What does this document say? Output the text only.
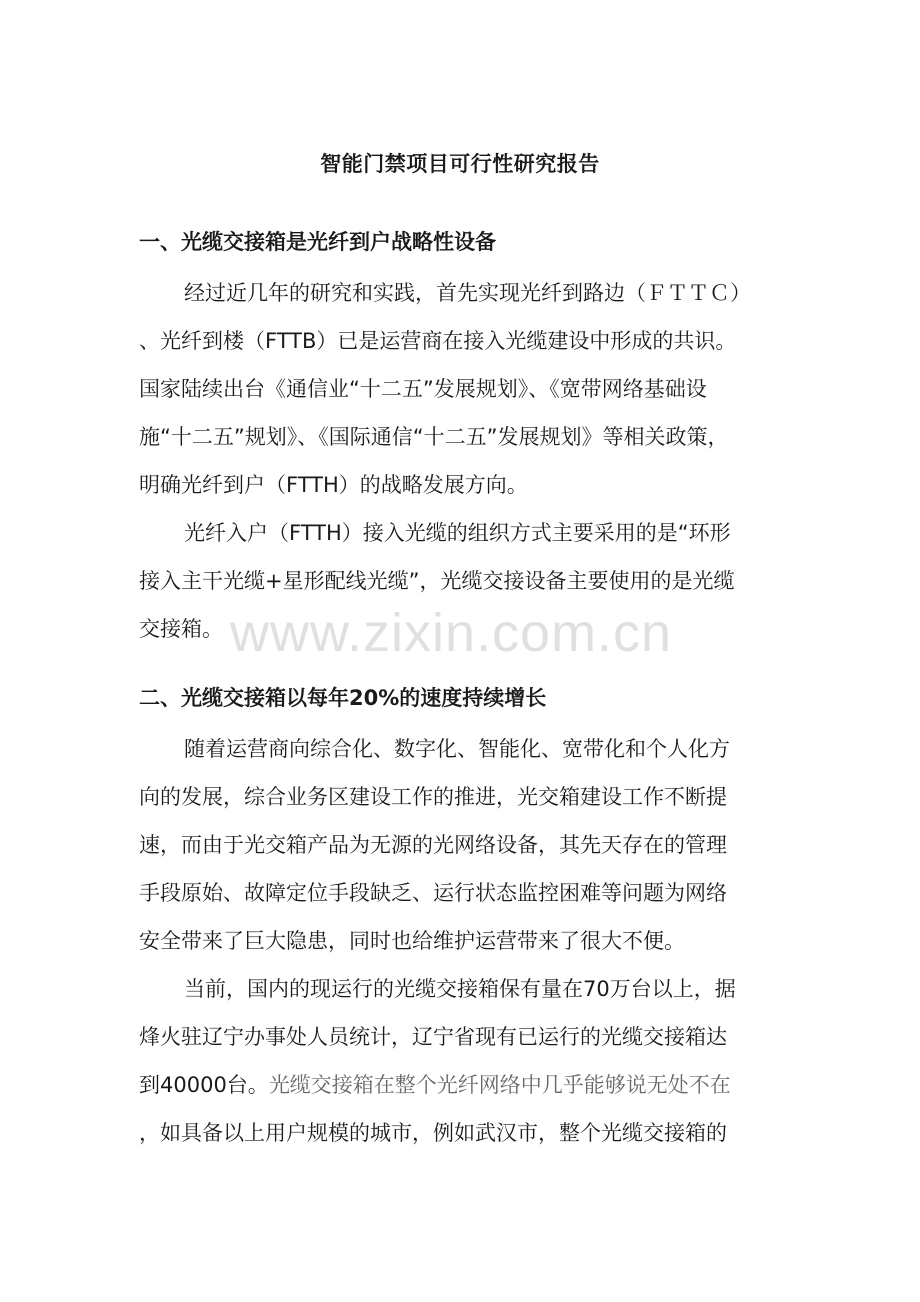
智能门禁项目可行性研究报告
一、光缆交接箱是光纤到户战略性设备
经过近几年的研究和实践，首先实现光纤到路边（ＦＴＴＣ）
、光纤到楼（FTTB）已是运营商在接入光缆建设中形成的共识。
国家陆续出台《通信业“十二五”发展规划》、《宽带网络基础设
施“十二五”规划》、《国际通信“十二五”发展规划》等相关政策，
明确光纤到户（FTTH）的战略发展方向。
光纤入户（FTTH）接入光缆的组织方式主要采用的是“环形
接入主干光缆+星形配线光缆”，光缆交接设备主要使用的是光缆
交接箱。 www.zixin.com.cn
二、光缆交接箱以每年20%的速度持续增长
随着运营商向综合化、数字化、智能化、宽带化和个人化方
向的发展，综合业务区建设工作的推进，光交箱建设工作不断提
速，而由于光交箱产品为无源的光网络设备，其先天存在的管理
手段原始、故障定位手段缺乏、运行状态监控困难等问题为网络
安全带来了巨大隐患，同时也给维护运营带来了很大不便。
当前，国内的现运行的光缆交接箱保有量在70万台以上，据
烽火驻辽宁办事处人员统计，辽宁省现有已运行的光缆交接箱达
到40000台。光缆交接箱在整个光纤网络中几乎能够说无处不在
，如具备以上用户规模的城市，例如武汉市，整个光缆交接箱的
